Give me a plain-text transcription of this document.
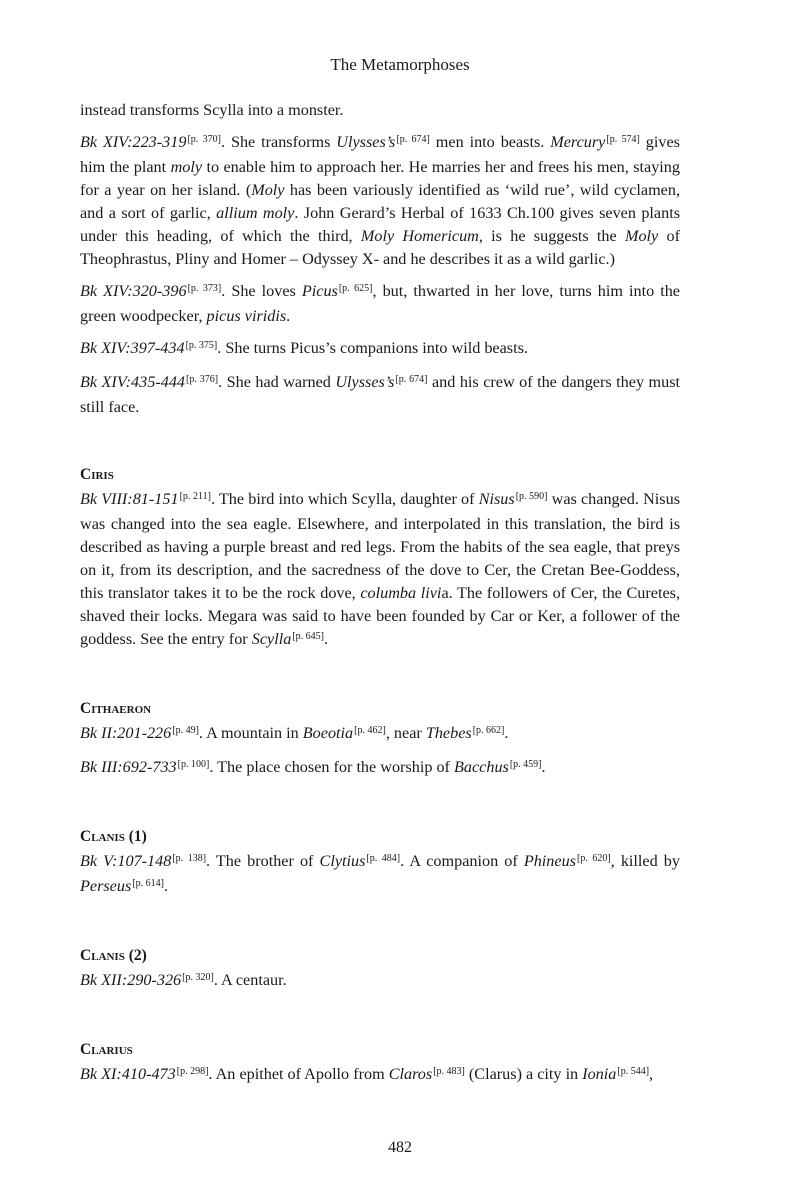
The Metamorphoses

instead transforms Scylla into a monster.

Bk XIV:223-319[p. 370]. She transforms Ulysses’s[p. 674] men into beasts. Mercury[p. 574] gives him the plant moly to enable him to approach her. He marries her and frees his men, staying for a year on her island. (Moly has been variously identified as ‘wild rue’, wild cyclamen, and a sort of garlic, allium moly. John Gerard’s Herbal of 1633 Ch.100 gives seven plants under this heading, of which the third, Moly Homericum, is he suggests the Moly of Theophrastus, Pliny and Homer – Odyssey X- and he describes it as a wild garlic.)

Bk XIV:320-396[p. 373]. She loves Picus[p. 625], but, thwarted in her love, turns him into the green woodpecker, picus viridis.

Bk XIV:397-434[p. 375]. She turns Picus’s companions into wild beasts.

Bk XIV:435-444[p. 376]. She had warned Ulysses’s[p. 674] and his crew of the dangers they must still face.

Ciris

Bk VIII:81-151[p. 211]. The bird into which Scylla, daughter of Nisus[p. 590] was changed. Nisus was changed into the sea eagle. Elsewhere, and interpolated in this translation, the bird is described as having a purple breast and red legs. From the habits of the sea eagle, that preys on it, from its description, and the sacredness of the dove to Cer, the Cretan Bee-Goddess, this translator takes it to be the rock dove, columba livia. The followers of Cer, the Curetes, shaved their locks. Megara was said to have been founded by Car or Ker, a follower of the goddess. See the entry for Scylla[p. 645].

Cithaeron

Bk II:201-226[p. 49]. A mountain in Boeotia[p. 462], near Thebes[p. 662].

Bk III:692-733[p. 100]. The place chosen for the worship of Bacchus[p. 459].

Clanis (1)

Bk V:107-148[p. 138]. The brother of Clytius[p. 484]. A companion of Phineus[p. 620], killed by Perseus[p. 614].

Clanis (2)

Bk XII:290-326[p. 320]. A centaur.

Clarius

Bk XI:410-473[p. 298]. An epithet of Apollo from Claros[p. 483] (Clarus) a city in Ionia[p. 544],

482
